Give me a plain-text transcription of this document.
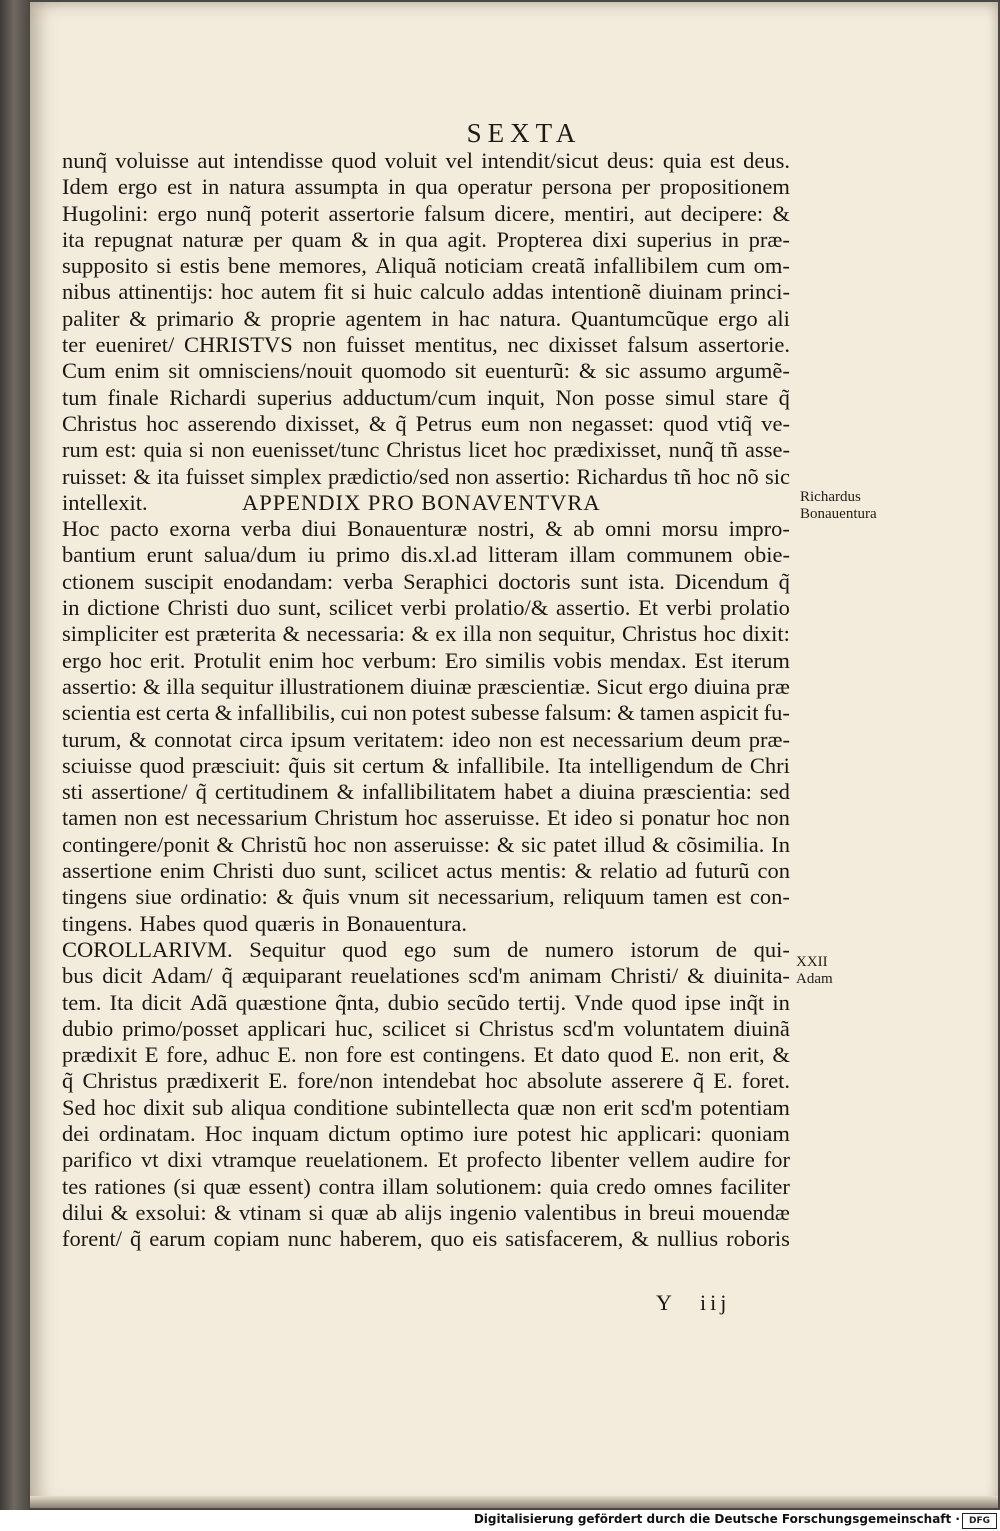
SEXTA
nunq̃ voluisse aut intendisse quod voluit vel intendit/sicut deus: quia est deus.
Idem ergo est in natura assumpta in qua operatur persona per propositionem
Hugolini: ergo nunq̃ poterit assertorie falsum dicere, mentiri, aut decipere: &
ita repugnat naturæ per quam & in qua agit. Propterea dixi superius in præ-
supposito si estis bene memores, Aliquã noticiam creatã infallibilem cum om-
nibus attinentijs: hoc autem fit si huic calculo addas intentionẽ diuinam princi-
paliter & primario & proprie agentem in hac natura. Quantumcũque ergo ali
ter eueniret/ CHRISTVS non fuisset mentitus, nec dixisset falsum assertorie.
Cum enim sit omnisciens/nouit quomodo sit euenturũ: & sic assumo argumẽ-
tum finale Richardi superius adductum/cum inquit, Non posse simul stare q̃
Christus hoc asserendo dixisset, & q̃ Petrus eum non negasset: quod vtiq̃ ve-
rum est: quia si non euenisset/tunc Christus licet hoc prædixisset, nunq̃ tñ asse-
ruisset: & ita fuisset simplex prædictio/sed non assertio: Richardus tñ hoc nõ sic
intellexit.	APPENDIX PRO BONAVENTVRA
Hoc pacto exorna verba diui Bonauenturæ nostri, & ab omni morsu impro-
bantium erunt salua/dum iu primo dis.xl.ad litteram illam communem obie-
ctionem suscipit enodandam: verba Seraphici doctoris sunt ista. Dicendum q̃
in dictione Christi duo sunt, scilicet verbi prolatio/& assertio. Et verbi prolatio
simpliciter est præterita & necessaria: & ex illa non sequitur, Christus hoc dixit:
ergo hoc erit. Protulit enim hoc verbum: Ero similis vobis mendax. Est iterum
assertio: & illa sequitur illustrationem diuinæ præscientiæ. Sicut ergo diuina præ
scientia est certa & infallibilis, cui non potest subesse falsum: & tamen aspicit fu-
turum, & connotat circa ipsum veritatem: ideo non est necessarium deum præ-
sciuisse quod præsciuit: q̃uis sit certum & infallibile. Ita intelligendum de Chri
sti assertione/ q̃ certitudinem & infallibilitatem habet a diuina præscientia: sed
tamen non est necessarium Christum hoc asseruisse. Et ideo si ponatur hoc non
contingere/ponit & Christũ hoc non asseruisse: & sic patet illud & cõsimilia. In
assertione enim Christi duo sunt, scilicet actus mentis: & relatio ad futurũ con
tingens siue ordinatio: & q̃uis vnum sit necessarium, reliquum tamen est con-
tingens. Habes quod quæris in Bonauentura.
COROLLARIVM. Sequitur quod ego sum de numero istorum de qui-
bus dicit Adam/ q̃ æquiparant reuelationes scd'm animam Christi/ & diuinita-
tem. Ita dicit Adã quæstione q̃nta, dubio secũdo tertij. Vnde quod ipse inq̃t in
dubio primo/posset applicari huc, scilicet si Christus scd'm voluntatem diuinã
prædixit E fore, adhuc E. non fore est contingens. Et dato quod E. non erit, &
q̃ Christus prædixerit E. fore/non intendebat hoc absolute asserere q̃ E. foret.
Sed hoc dixit sub aliqua conditione subintellecta quæ non erit scd'm potentiam
dei ordinatam. Hoc inquam dictum optimo iure potest hic applicari: quoniam
parifico vt dixi vtramque reuelationem. Et profecto libenter vellem audire for
tes rationes (si quæ essent) contra illam solutionem: quia credo omnes faciliter
dilui & exsolui: & vtinam si quæ ab alijs ingenio valentibus in breui mouendæ
forent/ q̃ earum copiam nunc haberem, quo eis satisfacerem, & nullius roboris
Richardus
Bonauentura
XXII
Adam
Y iij
Digitalisierung gefördert durch die Deutsche Forschungsgemeinschaft · DFG
